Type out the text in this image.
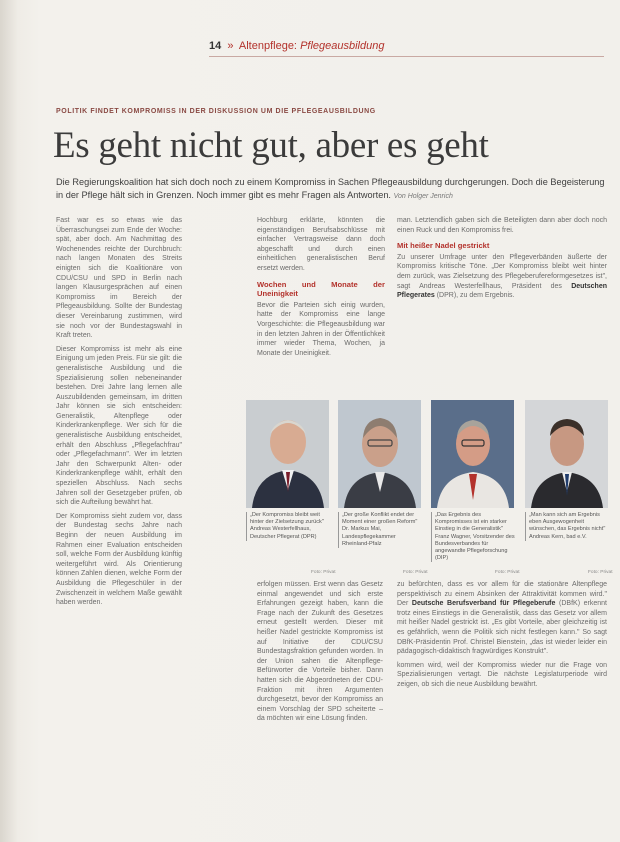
14 » Altenpflege: Pflegeausbildung
POLITIK FINDET KOMPROMISS IN DER DISKUSSION UM DIE PFLEGEAUSBILDUNG
Es geht nicht gut, aber es geht

Die Regierungskoalition hat sich doch noch zu einem Kompromiss in Sachen Pflegeausbildung durchgerungen. Doch die Begeisterung in der Pflege hält sich in Grenzen. Noch immer gibt es mehr Fragen als Antworten. Von Holger Jenrich

Fast war es so etwas wie das Überraschungsei zum Ende der Woche: spät, aber doch. Am Nachmittag des Wochenendes reichte der Durchbruch: nach langen Monaten des Streits einigten sich die Koalitionäre von CDU/CSU und SPD in Berlin nach langen Klausurgesprächen auf einen Kompromiss im Bereich der Pflegeausbildung. Sollte der Bundestag dieser Vereinbarung zustimmen, wird sie noch vor der Bundestagswahl in Kraft treten.

Dieser Kompromiss ist mehr als eine Einigung um jeden Preis. Für sie gilt: die generalistische Ausbildung und die Spezialisierung sollen nebeneinander bestehen. Drei Jahre lang lernen alle Auszubildenden gemeinsam, im dritten Jahr können sie sich entscheiden: Generalistik, Altenpflege oder Kinderkrankenpflege. Wer sich für die generalistische Ausbildung entscheidet, erhält den Abschluss „Pflegefachfrau" oder „Pflegefachmann". Wer im letzten Jahr den Schwerpunkt Alten- oder Kinderkrankenpflege wählt, erhält den speziellen Abschluss. Nach sechs Jahren soll der Gesetzgeber prüfen, ob sich die Aufteilung bewährt hat.

Der Kompromiss sieht zudem vor, dass der Bundestag sechs Jahre nach Beginn der neuen Ausbildung im Rahmen einer Evaluation entscheiden soll, welche Form der Ausbildung künftig weitergeführt wird. Als Orientierung können Zahlen dienen, welche Form der Ausbildung die Pflegeschüler in der Zwischenzeit in welchem Maße gewählt haben werden.

Hochburg erklärte, könnten die eigenständigen Berufsabschlüsse mit einfacher Vertragsweise dann doch abgeschafft und durch einen einheitlichen generalistischen Beruf ersetzt werden.

Wochen und Monate der Uneinigkeit

Bevor die Parteien sich einig wurden, hatte der Kompromiss eine lange Vorgeschichte: die Pflegeausbildung war in den letzten Jahren in der Öffentlichkeit immer wieder Thema, Wochen, ja Monate der Uneinigkeit.

man. Letztendlich gaben sich die Beteiligten dann aber doch noch einen Ruck und den Kompromiss frei.

Mit heißer Nadel gestrickt

Zu unserer Umfrage unter den Pflegeverbänden äußerte der Kompromiss kritische Töne. „Der Kompromiss bleibt weit hinter dem zurück, was Zielsetzung des Pflegeberufereformgesetzes ist", sagt Andreas Westerfellhaus, Präsident des Deutschen Pflegerates (DPR), zu dem Ergebnis.

„Der Kompromiss bleibt weit hinter der Zielsetzung zurück" Andreas Westerfellhaus, Deutscher Pflegerat (DPR)
Foto: Privat
„Der große Konflikt endet der Moment einer großen Reform" Dr. Markus Mai, Landespflegekammer Rheinland-Pfalz
Foto: Privat
„Das Ergebnis des Kompromisses ist ein starker Einstieg in die Generalistik" Franz Wagner, Vorsitzender des Bundesverbandes für angewandte Pflegeforschung (DIP)
Foto: Privat
„Man kann sich am Ergebnis eben Ausgewogenheit wünschen, das Ergebnis nicht" Andreas Kern, bad e.V.
Foto: Privat

erfolgen müssen. Erst wenn das Gesetz einmal angewendet und sich erste Erfahrungen gezeigt haben, kann die Frage nach der Zukunft des Gesetzes erneut gestellt werden. Dieser mit heißer Nadel gestrickte Kompromiss ist auf Initiative der CDU/CSU Bundestagsfraktion gefunden worden. In der Union sahen die Altenpflege-Befürworter die Vorteile bisher. Dann hatten sich die Abgeordneten der CDU-Fraktion mit ihren Argumenten durchgesetzt, bevor der Kompromiss an einem Vorschlag der SPD scheiterte – da möchten wir eine Lösung finden.

zu befürchten, dass es vor allem für die stationäre Altenpflege perspektivisch zu einem Absinken der Attraktivität kommen wird." Der Deutsche Berufsverband für Pflegeberufe (DBfK) erkennt trotz eines Einstiegs in die Generalistik, dass das Gesetz vor allem mit heißer Nadel gestrickt ist. „Es gibt Vorteile, aber gleichzeitig ist es gefährlich, wenn die Politik sich nicht festlegen kann." So sagt DBfK-Präsidentin Prof. Christel Bienstein, „das ist wieder leider ein pädagogisch-didaktisch fragwürdiges Konstrukt".

kommen wird, weil der Kompromiss wieder nur die Frage von Spezialisierungen vertagt. Die nächste Legislaturperiode wird zeigen, ob sich die neue Ausbildung bewährt.
